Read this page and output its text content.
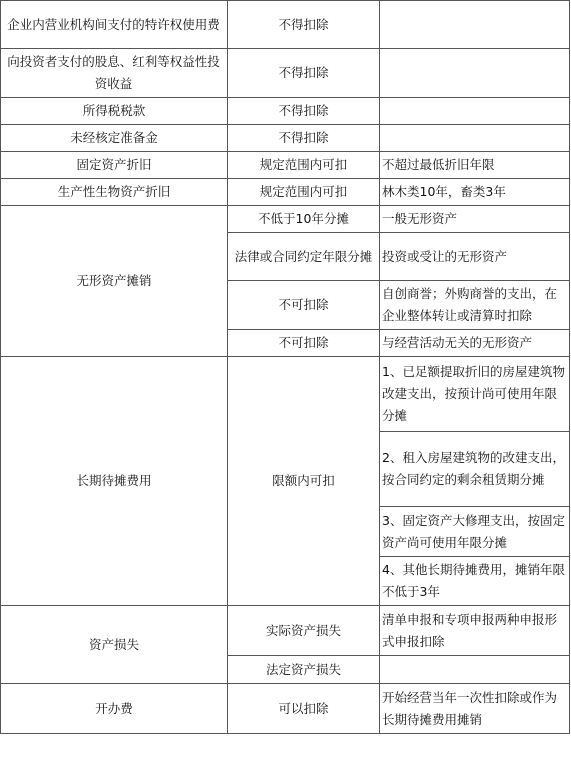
企业内营业机构间支付的特许权使用费	不得扣除	
向投资者支付的股息、红利等权益性投资收益	不得扣除	
所得税税款	不得扣除	
未经核定准备金	不得扣除	
固定资产折旧	规定范围内可扣	不超过最低折旧年限
生产性生物资产折旧	规定范围内可扣	林木类10年，畜类3年
无形资产摊销	不低于10年分摊	一般无形资产
	法律或合同约定年限分摊	投资或受让的无形资产
	不可扣除	自创商誉；外购商誉的支出，在企业整体转让或清算时扣除
	不可扣除	与经营活动无关的无形资产
长期待摊费用	限额内可扣	1、已足额提取折旧的房屋建筑物改建支出，按预计尚可使用年限分摊
		2、租入房屋建筑物的改建支出，按合同约定的剩余租赁期分摊
		3、固定资产大修理支出，按固定资产尚可使用年限分摊
		4、其他长期待摊费用，摊销年限不低于3年
资产损失	实际资产损失	清单申报和专项申报两种申报形式申报扣除
	法定资产损失	
开办费	可以扣除	开始经营当年一次性扣除或作为长期待摊费用摊销
